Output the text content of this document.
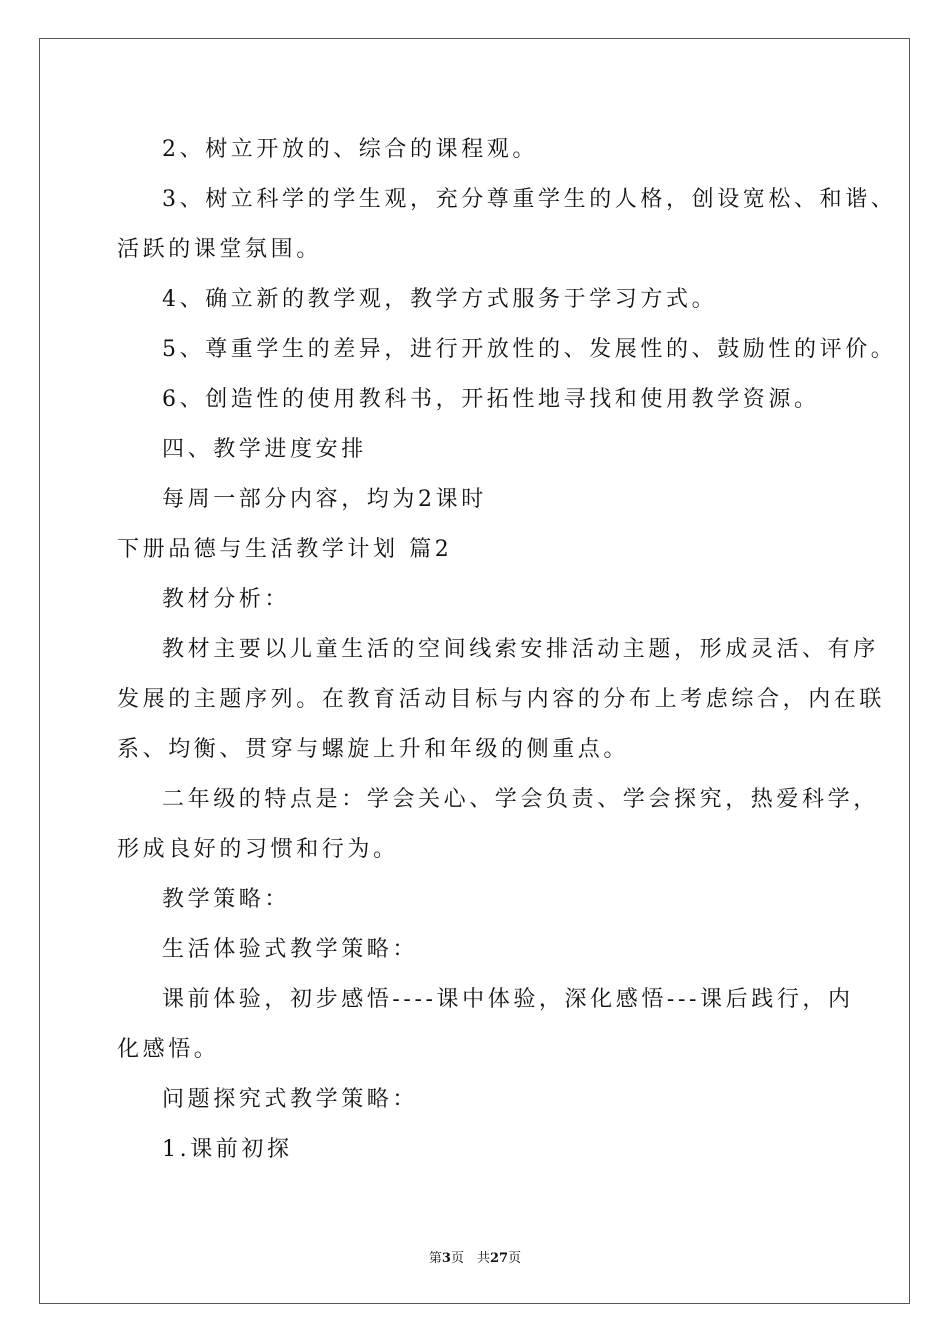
2、树立开放的、综合的课程观。

3、树立科学的学生观，充分尊重学生的人格，创设宽松、和谐、

活跃的课堂氛围。

4、确立新的教学观，教学方式服务于学习方式。

5、尊重学生的差异，进行开放性的、发展性的、鼓励性的评价。

6、创造性的使用教科书，开拓性地寻找和使用教学资源。

四、教学进度安排

每周一部分内容，均为2课时

下册品德与生活教学计划 篇2

教材分析：

教材主要以儿童生活的空间线索安排活动主题，形成灵活、有序

发展的主题序列。在教育活动目标与内容的分布上考虑综合，内在联

系、均衡、贯穿与螺旋上升和年级的侧重点。

二年级的特点是：学会关心、学会负责、学会探究，热爱科学，

形成良好的习惯和行为。

教学策略：

生活体验式教学策略：

课前体验，初步感悟----课中体验，深化感悟---课后践行，内

化感悟。

问题探究式教学策略：

1.课前初探

第3页　共27页
